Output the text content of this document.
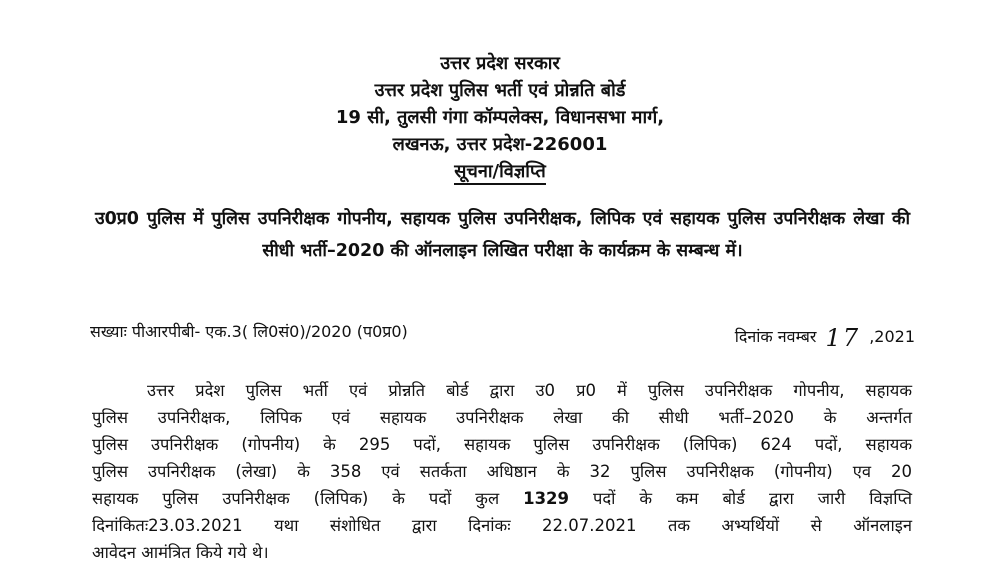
उत्तर प्रदेश सरकार
उत्तर प्रदेश पुलिस भर्ती एवं प्रोन्नति बोर्ड
19 सी, तुलसी गंगा कॉम्पलेक्स, विधानसभा मार्ग,
लखनऊ, उत्तर प्रदेश-226001
सूचना/विज्ञप्ति
उ0प्र0 पुलिस में पुलिस उपनिरीक्षक गोपनीय, सहायक पुलिस उपनिरीक्षक, लिपिक एवं सहायक पुलिस उपनिरीक्षक लेखा की सीधी भर्ती–2020 की ऑनलाइन लिखित परीक्षा के कार्यक्रम के सम्बन्ध में।
सख्याः पीआरपीबी- एक.3( लि0सं0)/2020 (प0प्र0)	दिनांक नवम्बर 17 ,2021
उत्तर प्रदेश पुलिस भर्ती एवं प्रोन्नति बोर्ड द्वारा उ0 प्र0 में पुलिस उपनिरीक्षक गोपनीय, सहायक
पुलिस उपनिरीक्षक, लिपिक एवं सहायक उपनिरीक्षक लेखा की सीधी भर्ती–2020 के अन्तर्गत
पुलिस उपनिरीक्षक (गोपनीय) के 295 पदों, सहायक पुलिस उपनिरीक्षक (लिपिक) 624 पदों, सहायक
पुलिस उपनिरीक्षक (लेखा) के 358 एवं सतर्कता अधिष्ठान के 32 पुलिस उपनिरीक्षक (गोपनीय) एव 20
सहायक पुलिस उपनिरीक्षक (लिपिक) के पदों कुल 1329 पदों के कम बोर्ड द्वारा जारी विज्ञप्ति
दिनांकितः23.03.2021 यथा संशोधित द्वारा दिनांकः 22.07.2021 तक अभ्यर्थियों से ऑनलाइन
आवेदन आमंत्रित किये गये थे।
